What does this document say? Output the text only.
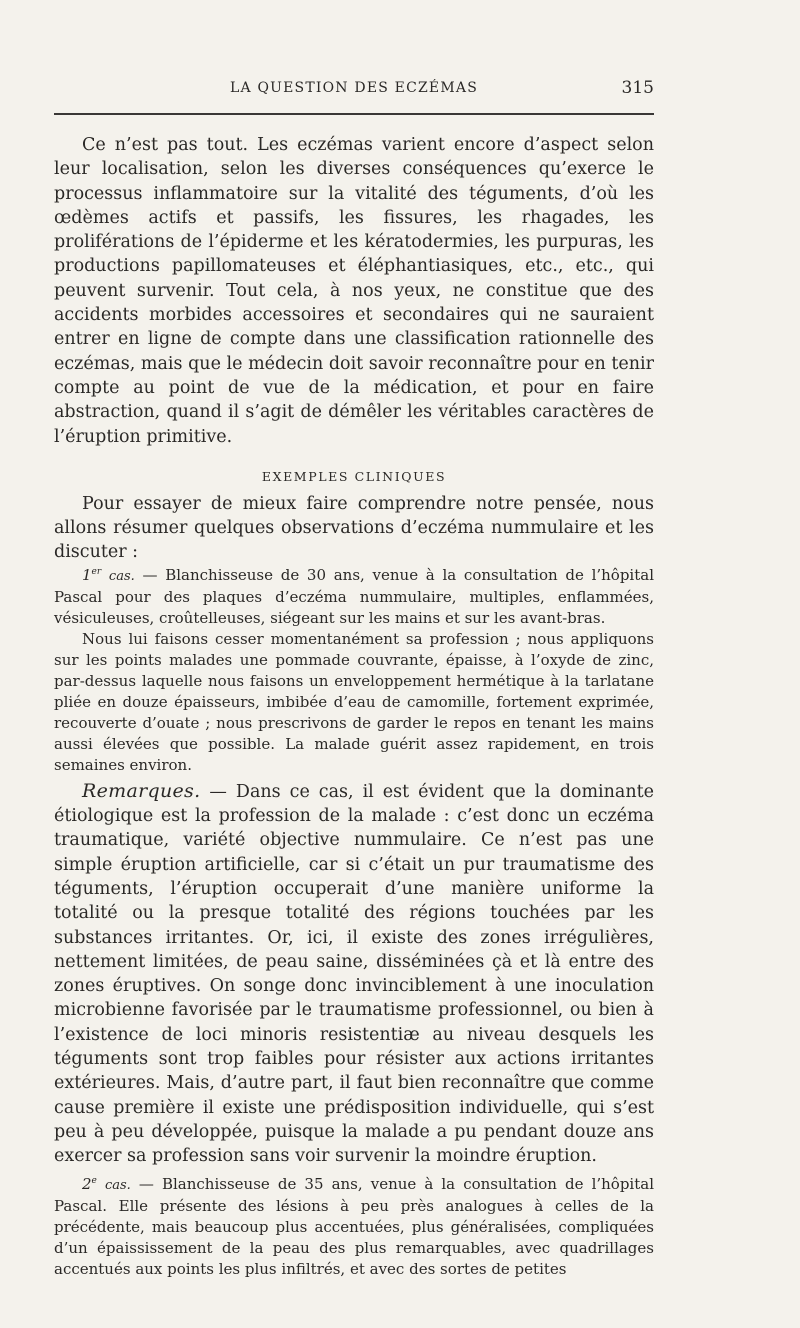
LA QUESTION DES ECZÉMAS	315

Ce n’est pas tout. Les eczémas varient encore d’aspect selon leur localisation, selon les diverses conséquences qu’exerce le processus inflammatoire sur la vitalité des téguments, d’où les œdèmes actifs et passifs, les fissures, les rhagades, les proliférations de l’épiderme et les kératodermies, les purpuras, les productions papillomateuses et éléphantiasiques, etc., etc., qui peuvent survenir. Tout cela, à nos yeux, ne constitue que des accidents morbides accessoires et secondaires qui ne sauraient entrer en ligne de compte dans une classification rationnelle des eczémas, mais que le médecin doit savoir reconnaître pour en tenir compte au point de vue de la médication, et pour en faire abstraction, quand il s’agit de démêler les véritables caractères de l’éruption primitive.

EXEMPLES CLINIQUES

Pour essayer de mieux faire comprendre notre pensée, nous allons résumer quelques observations d’eczéma nummulaire et les discuter :

1er cas. — Blanchisseuse de 30 ans, venue à la consultation de l’hôpital Pascal pour des plaques d’eczéma nummulaire, multiples, enflammées, vésiculeuses, croûtelleuses, siégeant sur les mains et sur les avant-bras.

Nous lui faisons cesser momentanément sa profession ; nous appliquons sur les points malades une pommade couvrante, épaisse, à l’oxyde de zinc, par-dessus laquelle nous faisons un enveloppement hermétique à la tarlatane pliée en douze épaisseurs, imbibée d’eau de camomille, fortement exprimée, recouverte d’ouate ; nous prescrivons de garder le repos en tenant les mains aussi élevées que possible. La malade guérit assez rapidement, en trois semaines environ.

Remarques. — Dans ce cas, il est évident que la dominante étiologique est la profession de la malade : c’est donc un eczéma traumatique, variété objective nummulaire. Ce n’est pas une simple éruption artificielle, car si c’était un pur traumatisme des téguments, l’éruption occuperait d’une manière uniforme la totalité ou la presque totalité des régions touchées par les substances irritantes. Or, ici, il existe des zones irrégulières, nettement limitées, de peau saine, disséminées çà et là entre des zones éruptives. On songe donc invinciblement à une inoculation microbienne favorisée par le traumatisme professionnel, ou bien à l’existence de loci minoris resistentiæ au niveau desquels les téguments sont trop faibles pour résister aux actions irritantes extérieures. Mais, d’autre part, il faut bien reconnaître que comme cause première il existe une prédisposition individuelle, qui s’est peu à peu développée, puisque la malade a pu pendant douze ans exercer sa profession sans voir survenir la moindre éruption.

2e cas. — Blanchisseuse de 35 ans, venue à la consultation de l’hôpital Pascal. Elle présente des lésions à peu près analogues à celles de la précédente, mais beaucoup plus accentuées, plus généralisées, compliquées d’un épaississement de la peau des plus remarquables, avec quadrillages accentués aux points les plus infiltrés, et avec des sortes de petites
